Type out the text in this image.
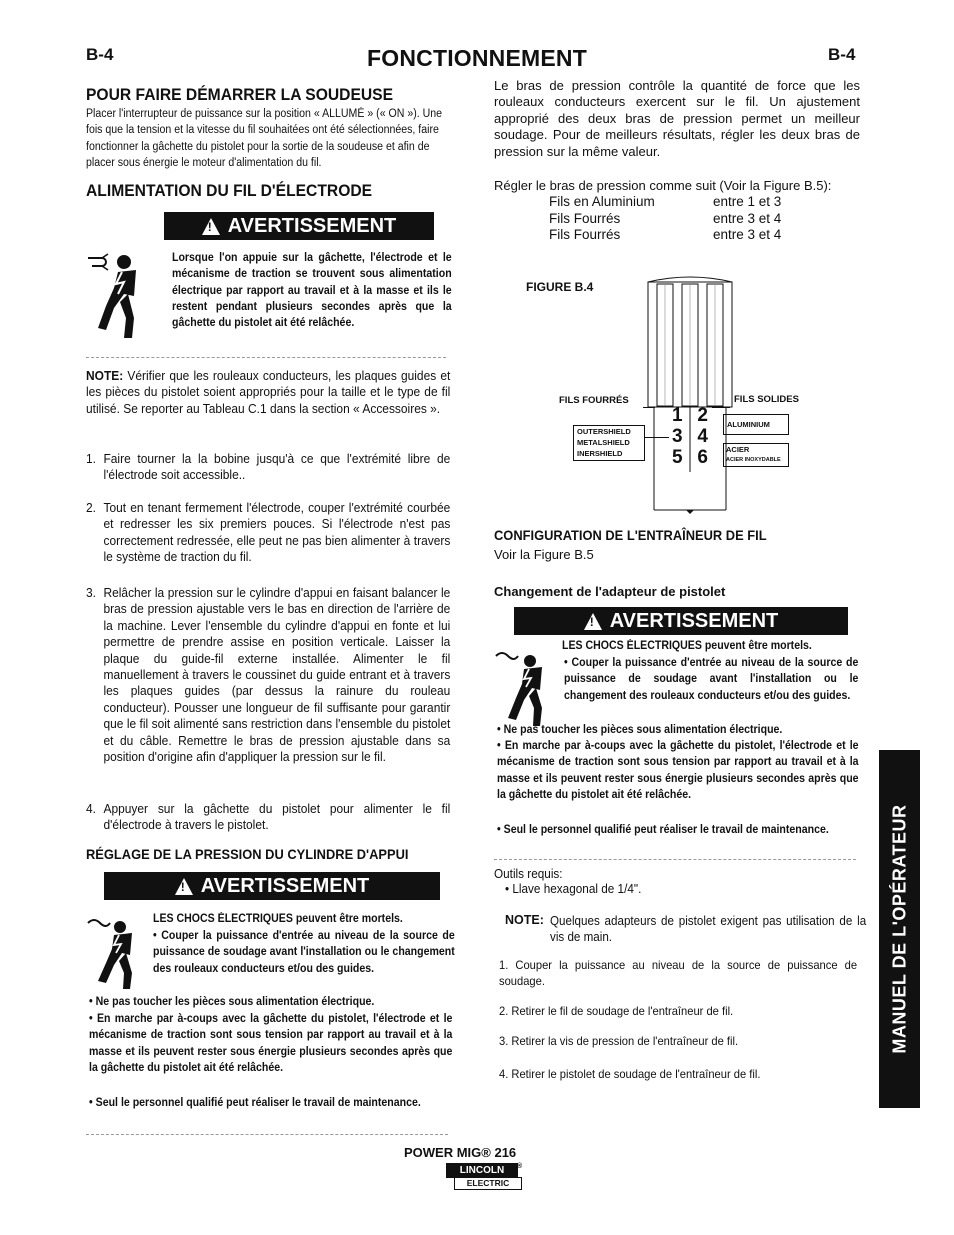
B-4	FONCTIONNEMENT	B-4
POUR FAIRE DÉMARRER LA SOUDEUSE
Placer l'interrupteur de puissance sur la position « ALLUMÉ » (« ON »). Une fois que la tension et la vitesse du fil souhaitées ont été sélectionnées, faire fonctionner la gâchette du pistolet pour la sortie de la soudeuse et afin de placer sous énergie le moteur d'alimentation du fil.
ALIMENTATION DU FIL D'ÉLECTRODE
! AVERTISSEMENT
Lorsque l'on appuie sur la gâchette, l'électrode et le mécanisme de traction se trouvent sous alimentation électrique par rapport au travail et à la masse et ils le restent pendant plusieurs secondes après que la gâchette du pistolet ait été relâchée.
NOTE: Vérifier que les rouleaux conducteurs, les plaques guides et les pièces du pistolet soient appropriés pour la taille et le type de fil utilisé. Se reporter au Tableau C.1 dans la section « Accessoires ».
1. Faire tourner la la bobine jusqu'à ce que l'extrémité libre de l'électrode soit accessible..
2. Tout en tenant fermement l'électrode, couper l'extrémité courbée et redresser les six premiers pouces. Si l'électrode n'est pas correctement redressée, elle peut ne pas bien alimenter à travers le système de traction du fil.
3. Relâcher la pression sur le cylindre d'appui en faisant balancer le bras de pression ajustable vers le bas en direction de l'arrière de la machine. Lever l'ensemble du cylindre d'appui en fonte et lui permettre de prendre assise en position verticale. Laisser la plaque du guide-fil externe installée. Alimenter le fil manuellement à travers le coussinet du guide entrant et à travers les plaques guides (par dessus la rainure du rouleau conducteur). Pousser une longueur de fil suffisante pour garantir que le fil soit alimenté sans restriction dans l'ensemble du pistolet et du câble. Remettre le bras de pression ajustable dans sa position d'origine afin d'appliquer la pression sur le fil.
4. Appuyer sur la gâchette du pistolet pour alimenter le fil d'électrode à travers le pistolet.
RÉGLAGE DE LA PRESSION DU CYLINDRE D'APPUI
! AVERTISSEMENT
LES CHOCS ÉLECTRIQUES peuvent être mortels.
• Couper la puissance d'entrée au niveau de la source de puissance de soudage avant l'installation ou le changement des rouleaux conducteurs et/ou des guides.
• Ne pas toucher les pièces sous alimentation électrique.
• En marche par à-coups avec la gâchette du pistolet, l'électrode et le mécanisme de traction sont sous tension par rapport au travail et à la masse et ils peuvent rester sous énergie plusieurs secondes après que la gâchette du pistolet ait été relâchée.
• Seul le personnel qualifié peut réaliser le travail de maintenance.
Le bras de pression contrôle la quantité de force que les rouleaux conducteurs exercent sur le fil. Un ajustement approprié des deux bras de pression permet un meilleur soudage. Pour de meilleurs résultats, régler les deux bras de pression sur la même valeur.
Régler le bras de pression comme suit (Voir la Figure B.5):
Fils en Aluminium	entre 1 et 3
Fils Fourrés	entre 3 et 4
Fils Fourrés	entre 3 et 4
FIGURE B.4
1 2
3 4
5 6
FILS FOURRÉS	FILS SOLIDES
OUTERSHIELD
METALSHIELD
INERSHIELD
ALUMINIUM
ACIER
ACIER INOXYDABLE
CONFIGURATION DE L'ENTRAÎNEUR DE FIL
Voir la Figure B.5
Changement de l'adapteur de pistolet
! AVERTISSEMENT
LES CHOCS ÉLECTRIQUES peuvent être mortels.
• Couper la puissance d'entrée au niveau de la source de puissance de soudage avant l'installation ou le changement des rouleaux conducteurs et/ou des guides.
• Ne pas toucher les pièces sous alimentation électrique.
• En marche par à-coups avec la gâchette du pistolet, l'électrode et le mécanisme de traction sont sous tension par rapport au travail et à la masse et ils peuvent rester sous énergie plusieurs secondes après que la gâchette du pistolet ait été relâchée.
• Seul le personnel qualifié peut réaliser le travail de maintenance.
Outils requis:
• Llave hexagonal de 1/4".
NOTE: Quelques adapteurs de pistolet exigent pas utilisation de la vis de main.
1. Couper la puissance au niveau de la source de puissance de soudage.
2. Retirer le fil de soudage de l'entraîneur de fil.
3. Retirer la vis de pression de l'entraîneur de fil.
4. Retirer le pistolet de soudage de l'entraîneur de fil.
MANUEL DE L'OPÉRATEUR
POWER MIG® 216
LINCOLN	®
ELECTRIC
